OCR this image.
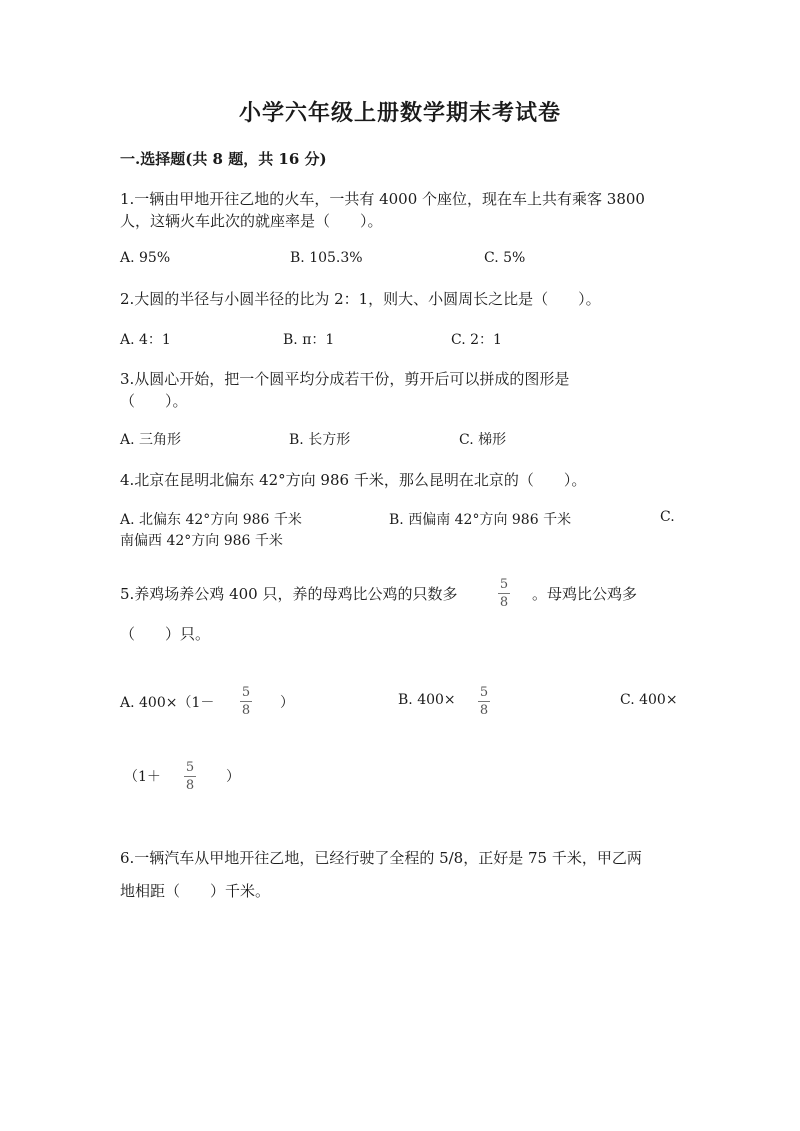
小学六年级上册数学期末考试卷
一.选择题(共 8 题，共 16 分)
1.一辆由甲地开往乙地的火车，一共有 4000 个座位，现在车上共有乘客 3800
人，这辆火车此次的就座率是（　　）。
A. 95%	B. 105.3%	C. 5%
2.大圆的半径与小圆半径的比为 2：1，则大、小圆周长之比是（　　）。
A. 4：1	B. π：1	C. 2：1
3.从圆心开始，把一个圆平均分成若干份，剪开后可以拼成的图形是
（　　）。
A. 三角形	B. 长方形	C. 梯形
4.北京在昆明北偏东 42°方向 986 千米，那么昆明在北京的（　　）。
A. 北偏东 42°方向 986 千米	B. 西偏南 42°方向 986 千米	C.
南偏西 42°方向 986 千米
5.养鸡场养公鸡 400 只，养的母鸡比公鸡的只数多
5
8 。母鸡比公鸡多
（　　）只。
A. 400×（1－
5
8 ）	B. 400× 5
8
C. 400×
（1＋
5
8
）
6.一辆汽车从甲地开往乙地，已经行驶了全程的 5/8，正好是 75 千米，甲乙两
地相距（　　）千米。
